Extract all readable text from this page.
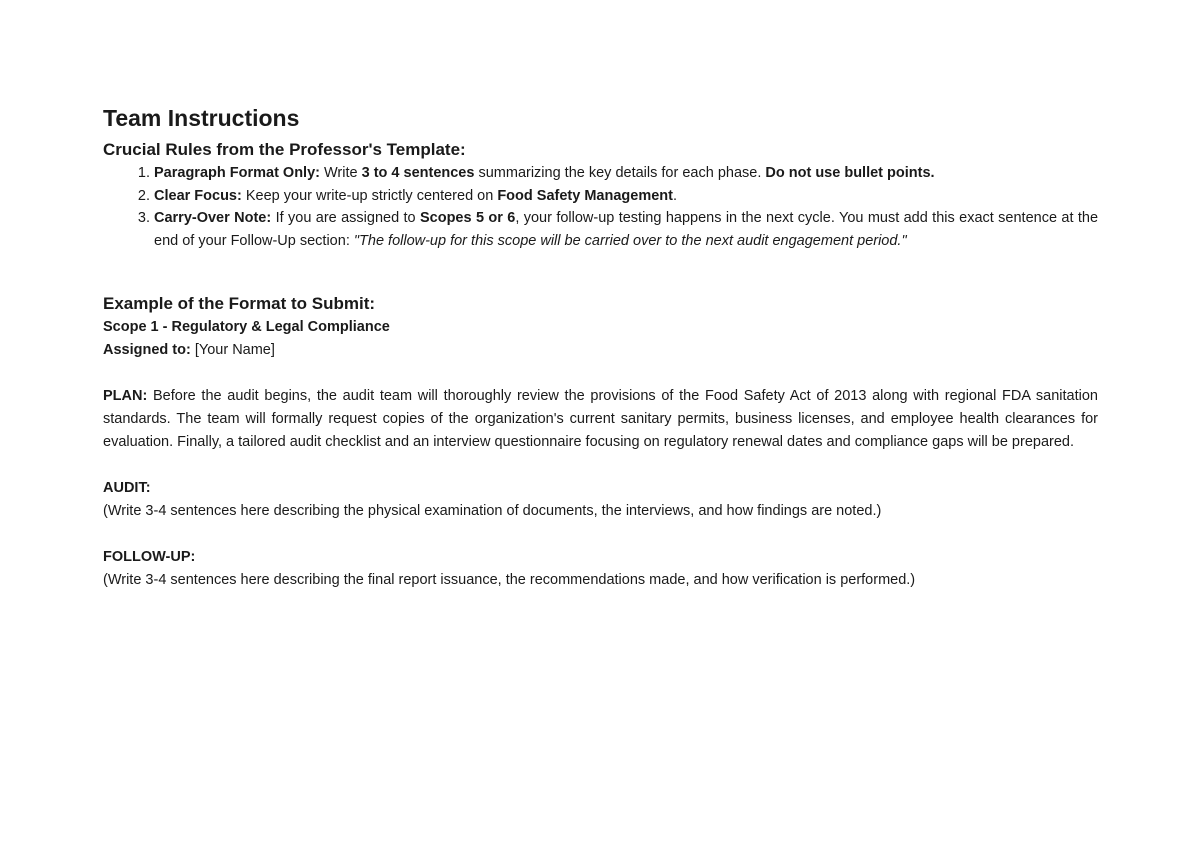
Team Instructions
Crucial Rules from the Professor's Template:
1. Paragraph Format Only: Write 3 to 4 sentences summarizing the key details for each phase. Do not use bullet points.
2. Clear Focus: Keep your write-up strictly centered on Food Safety Management.
3. Carry-Over Note: If you are assigned to Scopes 5 or 6, your follow-up testing happens in the next cycle. You must add this exact sentence at the end of your Follow-Up section: "The follow-up for this scope will be carried over to the next audit engagement period."
Example of the Format to Submit:

Scope 1 - Regulatory & Legal Compliance

Assigned to: [Your Name]

PLAN: Before the audit begins, the audit team will thoroughly review the provisions of the Food Safety Act of 2013 along with regional FDA sanitation standards. The team will formally request copies of the organization's current sanitary permits, business licenses, and employee health clearances for evaluation. Finally, a tailored audit checklist and an interview questionnaire focusing on regulatory renewal dates and compliance gaps will be prepared.

AUDIT:

(Write 3-4 sentences here describing the physical examination of documents, the interviews, and how findings are noted.)

FOLLOW-UP:

(Write 3-4 sentences here describing the final report issuance, the recommendations made, and how verification is performed.)
